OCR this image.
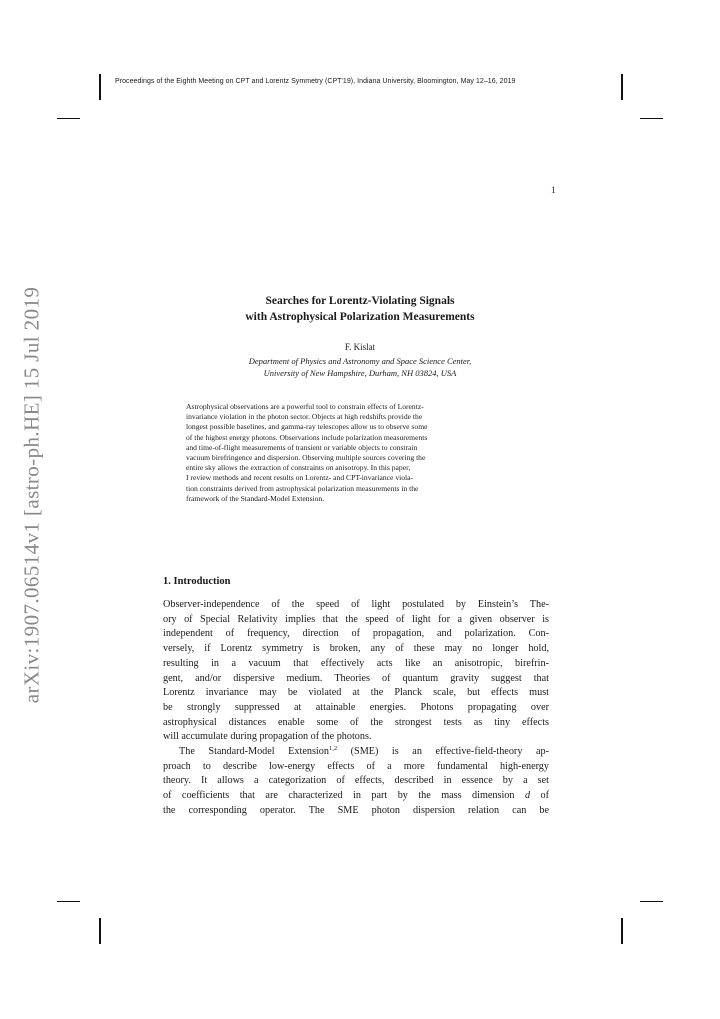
Proceedings of the Eighth Meeting on CPT and Lorentz Symmetry (CPT'19), Indiana University, Bloomington, May 12–16, 2019
1
arXiv:1907.06514v1 [astro-ph.HE] 15 Jul 2019	Searches for Lorentz-Violating Signals
with Astrophysical Polarization Measurements
F. Kislat
Department of Physics and Astronomy and Space Science Center,
University of New Hampshire, Durham, NH 03824, USA
Astrophysical observations are a powerful tool to constrain effects of Lorentz-
invariance violation in the photon sector. Objects at high redshifts provide the
longest possible baselines, and gamma-ray telescopes allow us to observe some
of the highest energy photons. Observations include polarization measurements
and time-of-flight measurements of transient or variable objects to constrain
vacuum birefringence and dispersion. Observing multiple sources covering the
entire sky allows the extraction of constraints on anisotropy. In this paper,
I review methods and recent results on Lorentz- and CPT-invariance viola-
tion constraints derived from astrophysical polarization measurements in the
framework of the Standard-Model Extension.
1. Introduction
Observer-independence of the speed of light postulated by Einstein’s The-
ory of Special Relativity implies that the speed of light for a given observer is
independent of frequency, direction of propagation, and polarization. Con-
versely, if Lorentz symmetry is broken, any of these may no longer hold,
resulting in a vacuum that effectively acts like an anisotropic, birefrin-
gent, and/or dispersive medium. Theories of quantum gravity suggest that
Lorentz invariance may be violated at the Planck scale, but effects must
be strongly suppressed at attainable energies. Photons propagating over
astrophysical distances enable some of the strongest tests as tiny effects
will accumulate during propagation of the photons.
The Standard-Model Extension$^{1,2}$ (SME) is an effective-field-theory ap-
proach to describe low-energy effects of a more fundamental high-energy
theory. It allows a categorization of effects, described in essence by a set
of coefficients that are characterized in part by the mass dimension d of
the corresponding operator. The SME photon dispersion relation can be
